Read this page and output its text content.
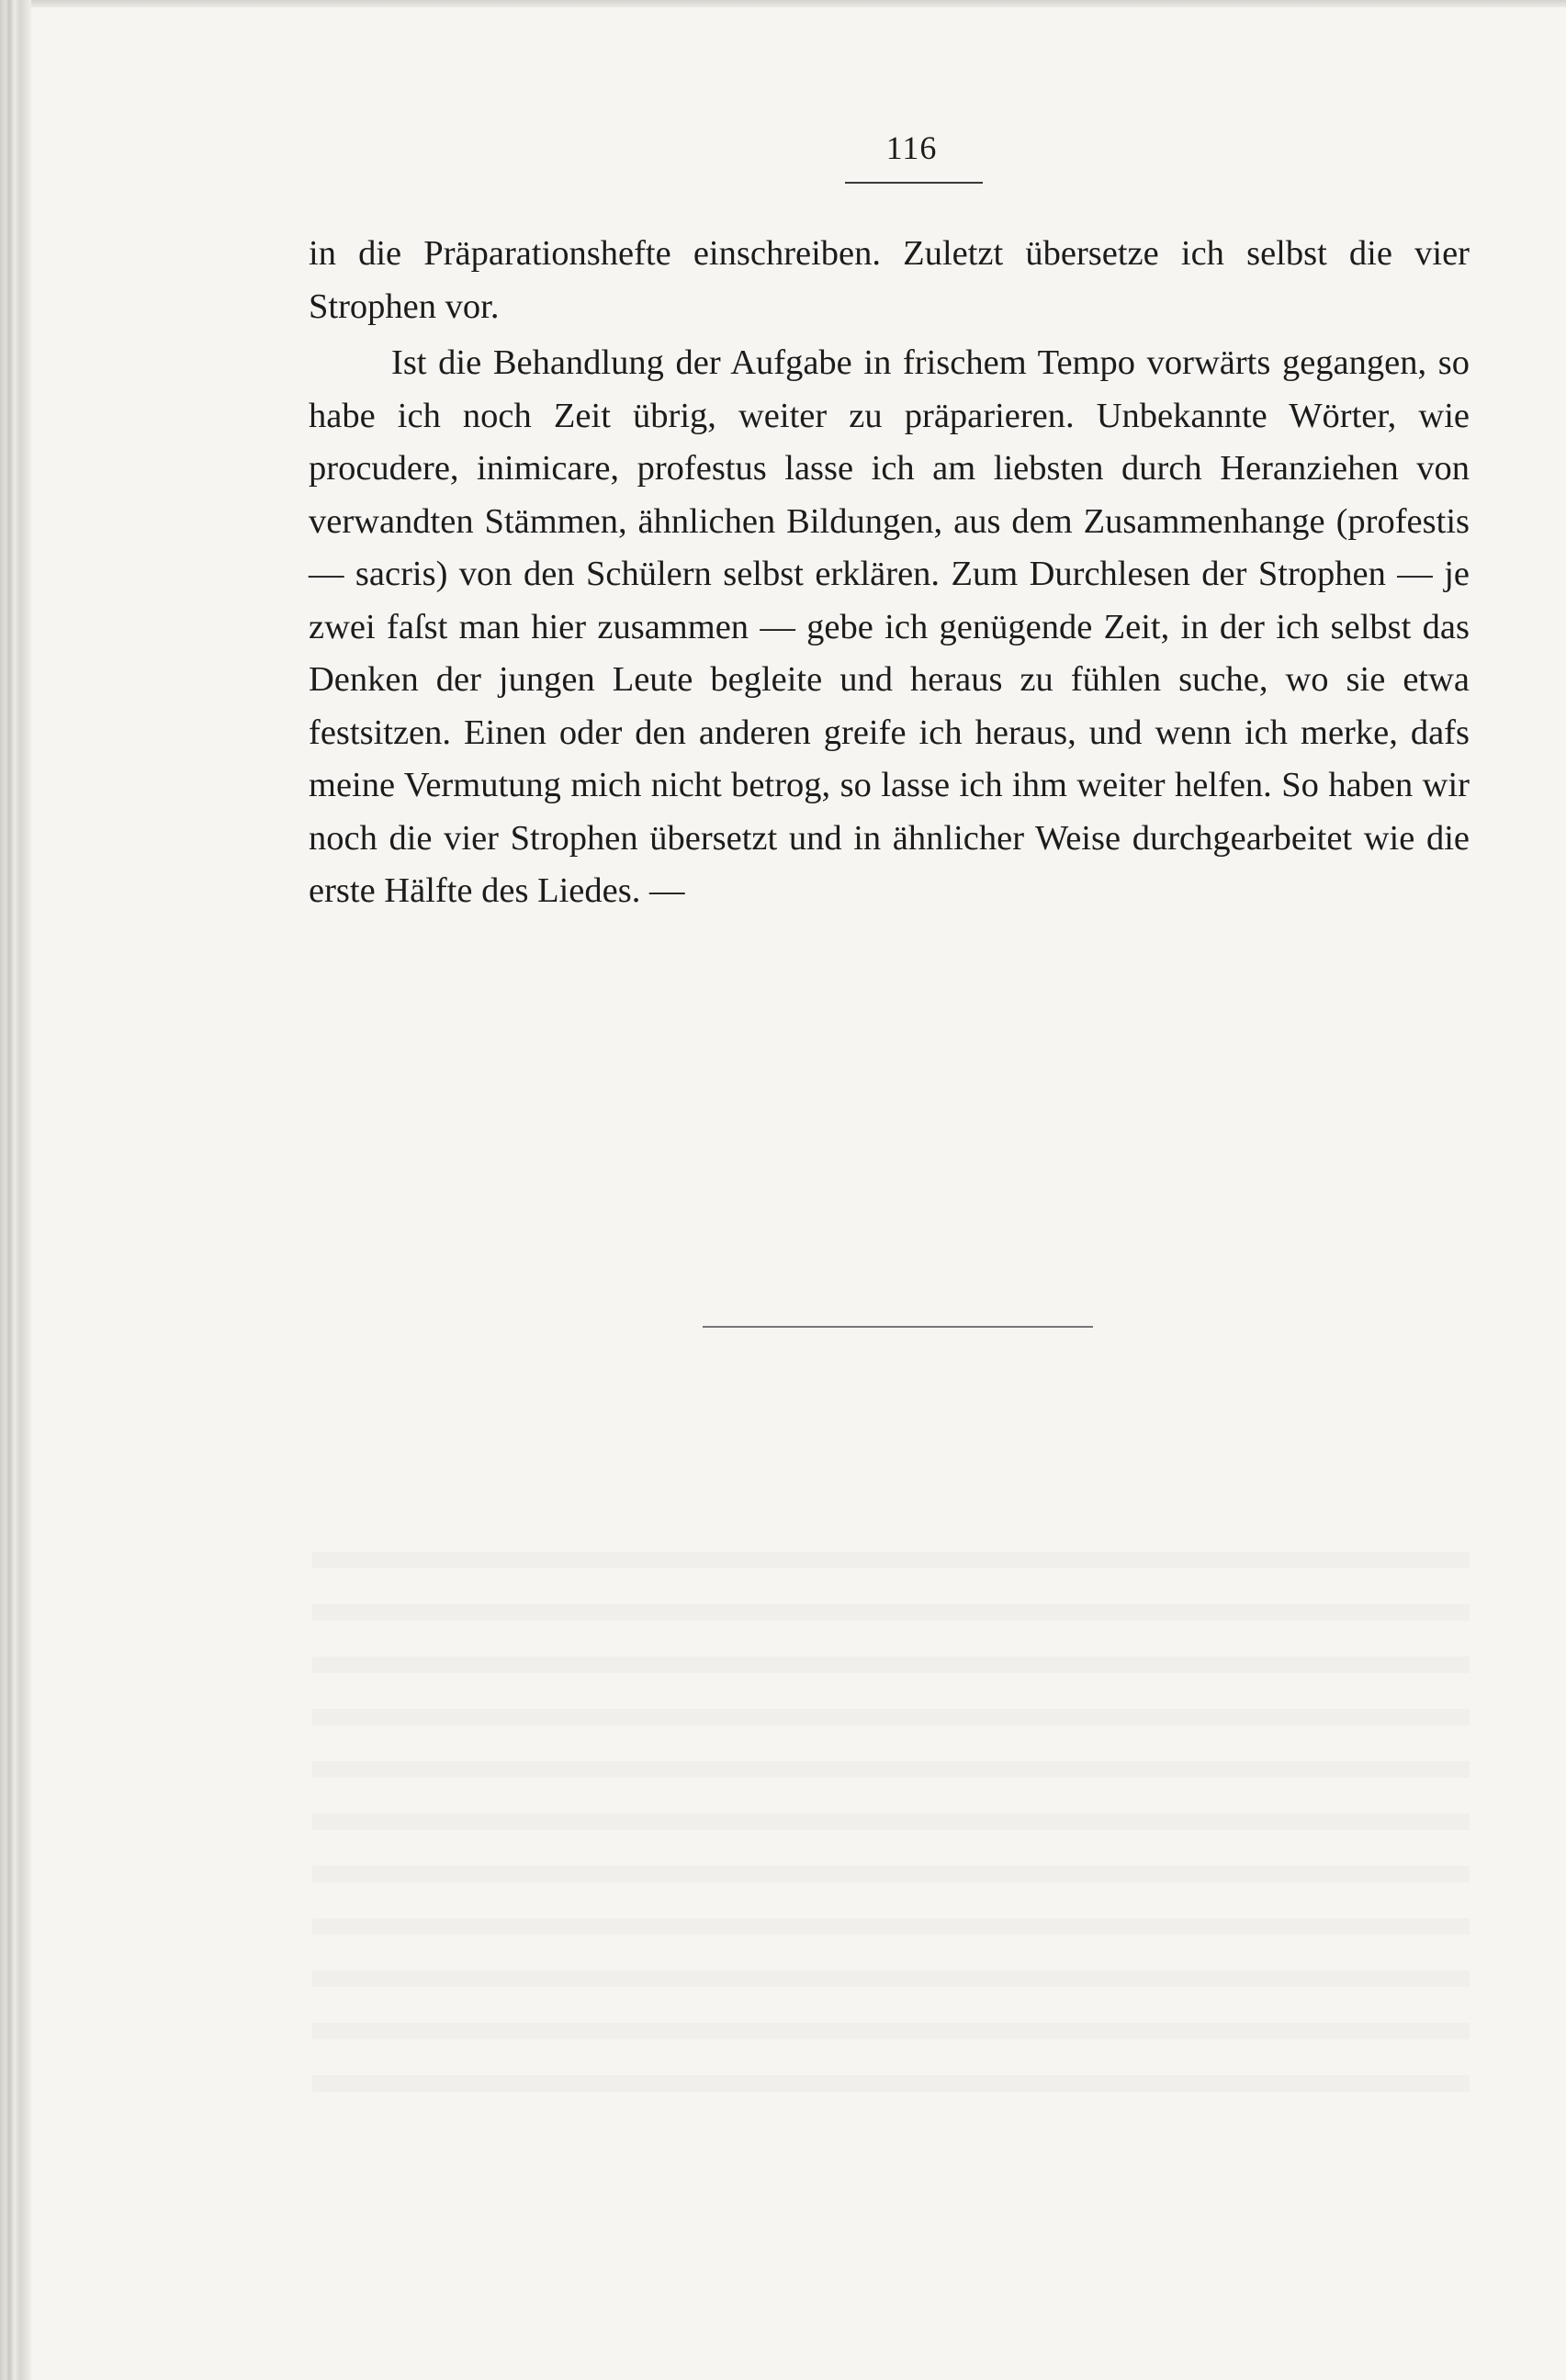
116

in die Präparationshefte einschreiben. Zuletzt übersetze ich selbst die vier Strophen vor.

Ist die Behandlung der Aufgabe in frischem Tempo vorwärts gegangen, so habe ich noch Zeit übrig, weiter zu präparieren. Unbekannte Wörter, wie procudere, inimicare, profestus lasse ich am liebsten durch Heranziehen von verwandten Stämmen, ähnlichen Bildungen, aus dem Zusammenhange (profestis — sacris) von den Schülern selbst erklären. Zum Durchlesen der Strophen — je zwei faſst man hier zusammen — gebe ich genügende Zeit, in der ich selbst das Denken der jungen Leute begleite und heraus zu fühlen suche, wo sie etwa festsitzen. Einen oder den anderen greife ich heraus, und wenn ich merke, dafs meine Vermutung mich nicht betrog, so lasse ich ihm weiter helfen. So haben wir noch die vier Strophen übersetzt und in ähnlicher Weise durchgearbeitet wie die erste Hälfte des Liedes. —
